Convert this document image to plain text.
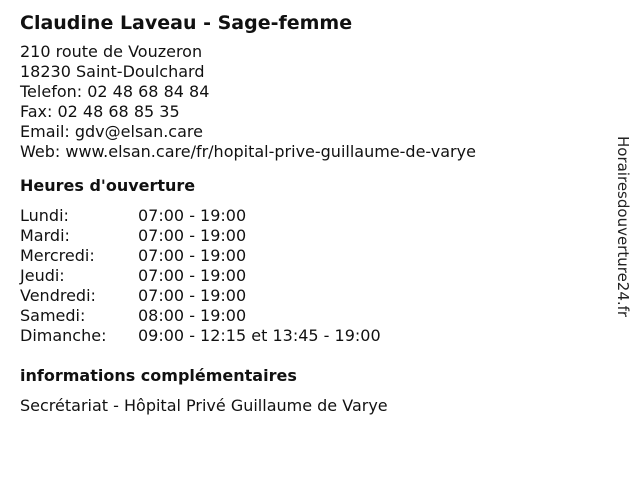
Claudine Laveau - Sage-femme
210 route de Vouzeron
18230 Saint-Doulchard
Telefon: 02 48 68 84 84
Fax: 02 48 68 85 35
Email: gdv@elsan.care
Web: www.elsan.care/fr/hopital-prive-guillaume-de-varye
Heures d'ouverture
Lundi:	07:00 - 19:00
Mardi:	07:00 - 19:00
Mercredi:	07:00 - 19:00
Jeudi:	07:00 - 19:00
Vendredi:	07:00 - 19:00
Samedi:	08:00 - 19:00
Dimanche:	09:00 - 12:15 et 13:45 - 19:00
informations complémentaires
Secrétariat - Hôpital Privé Guillaume de Varye
Horairesdouverture24.fr
